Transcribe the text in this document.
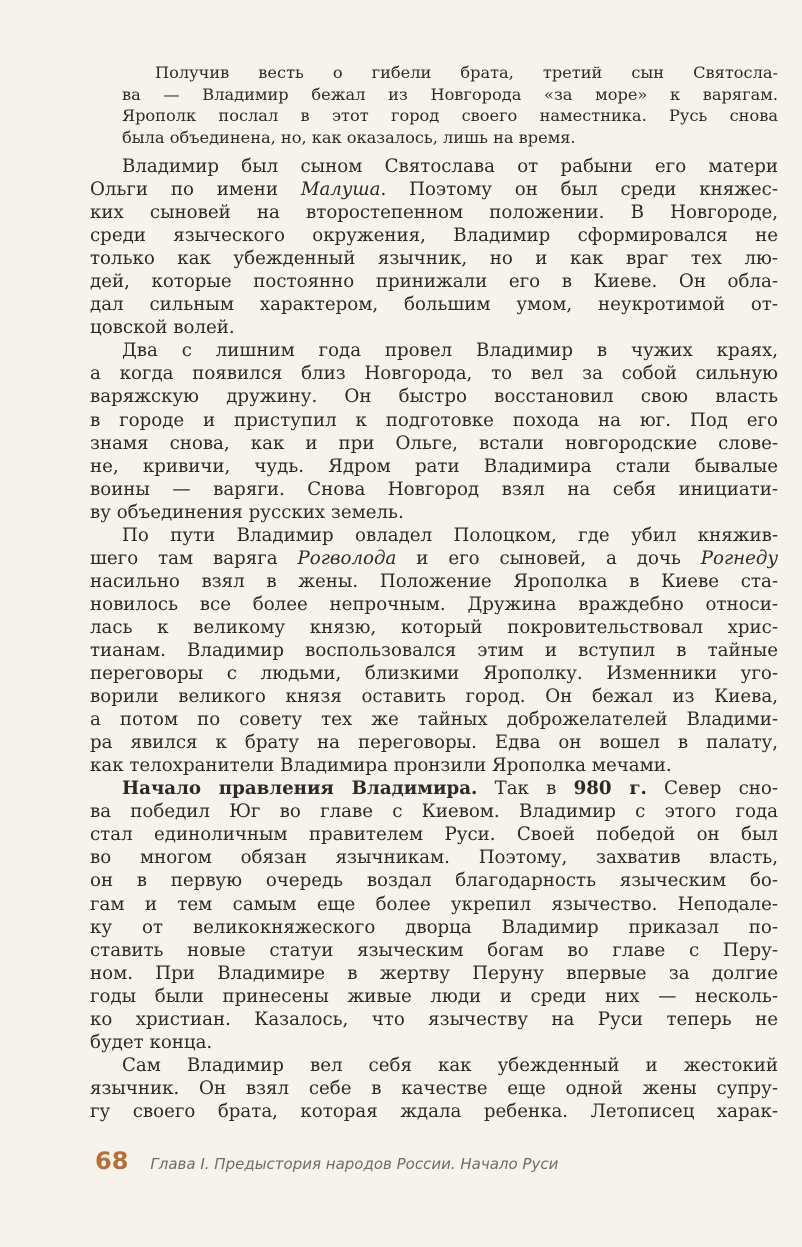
Получив весть о гибели брата, третий сын Святосла-
ва — Владимир бежал из Новгорода «за море» к варягам.
Ярополк послал в этот город своего наместника. Русь снова
была объединена, но, как оказалось, лишь на время.
Владимир был сыном Святослава от рабыни его матери
Ольги по имени Малуша. Поэтому он был среди княжес-
ких сыновей на второстепенном положении. В Новгороде,
среди языческого окружения, Владимир сформировался не
только как убежденный язычник, но и как враг тех лю-
дей, которые постоянно принижали его в Киеве. Он обла-
дал сильным характером, большим умом, неукротимой от-
цовской волей.
Два с лишним года провел Владимир в чужих краях,
а когда появился близ Новгорода, то вел за собой сильную
варяжскую дружину. Он быстро восстановил свою власть
в городе и приступил к подготовке похода на юг. Под его
знамя снова, как и при Ольге, встали новгородские слове-
не, кривичи, чудь. Ядром рати Владимира стали бывалые
воины — варяги. Снова Новгород взял на себя инициати-
ву объединения русских земель.
По пути Владимир овладел Полоцком, где убил княжив-
шего там варяга Рогволода и его сыновей, а дочь Рогнеду
насильно взял в жены. Положение Ярополка в Киеве ста-
новилось все более непрочным. Дружина враждебно относи-
лась к великому князю, который покровительствовал хрис-
тианам. Владимир воспользовался этим и вступил в тайные
переговоры с людьми, близкими Ярополку. Изменники уго-
ворили великого князя оставить город. Он бежал из Киева,
а потом по совету тех же тайных доброжелателей Владими-
ра явился к брату на переговоры. Едва он вошел в палату,
как телохранители Владимира пронзили Ярополка мечами.
Начало правления Владимира. Так в 980 г. Север сно-
ва победил Юг во главе с Киевом. Владимир с этого года
стал единоличным правителем Руси. Своей победой он был
во многом обязан язычникам. Поэтому, захватив власть,
он в первую очередь воздал благодарность языческим бо-
гам и тем самым еще более укрепил язычество. Неподале-
ку от великокняжеского дворца Владимир приказал по-
ставить новые статуи языческим богам во главе с Перу-
ном. При Владимире в жертву Перуну впервые за долгие
годы были принесены живые люди и среди них — несколь-
ко христиан. Казалось, что язычеству на Руси теперь не
будет конца.
Сам Владимир вел себя как убежденный и жестокий
язычник. Он взял себе в качестве еще одной жены супру-
гу своего брата, которая ждала ребенка. Летописец харак-
68 Глава I. Предыстория народов России. Начало Руси
